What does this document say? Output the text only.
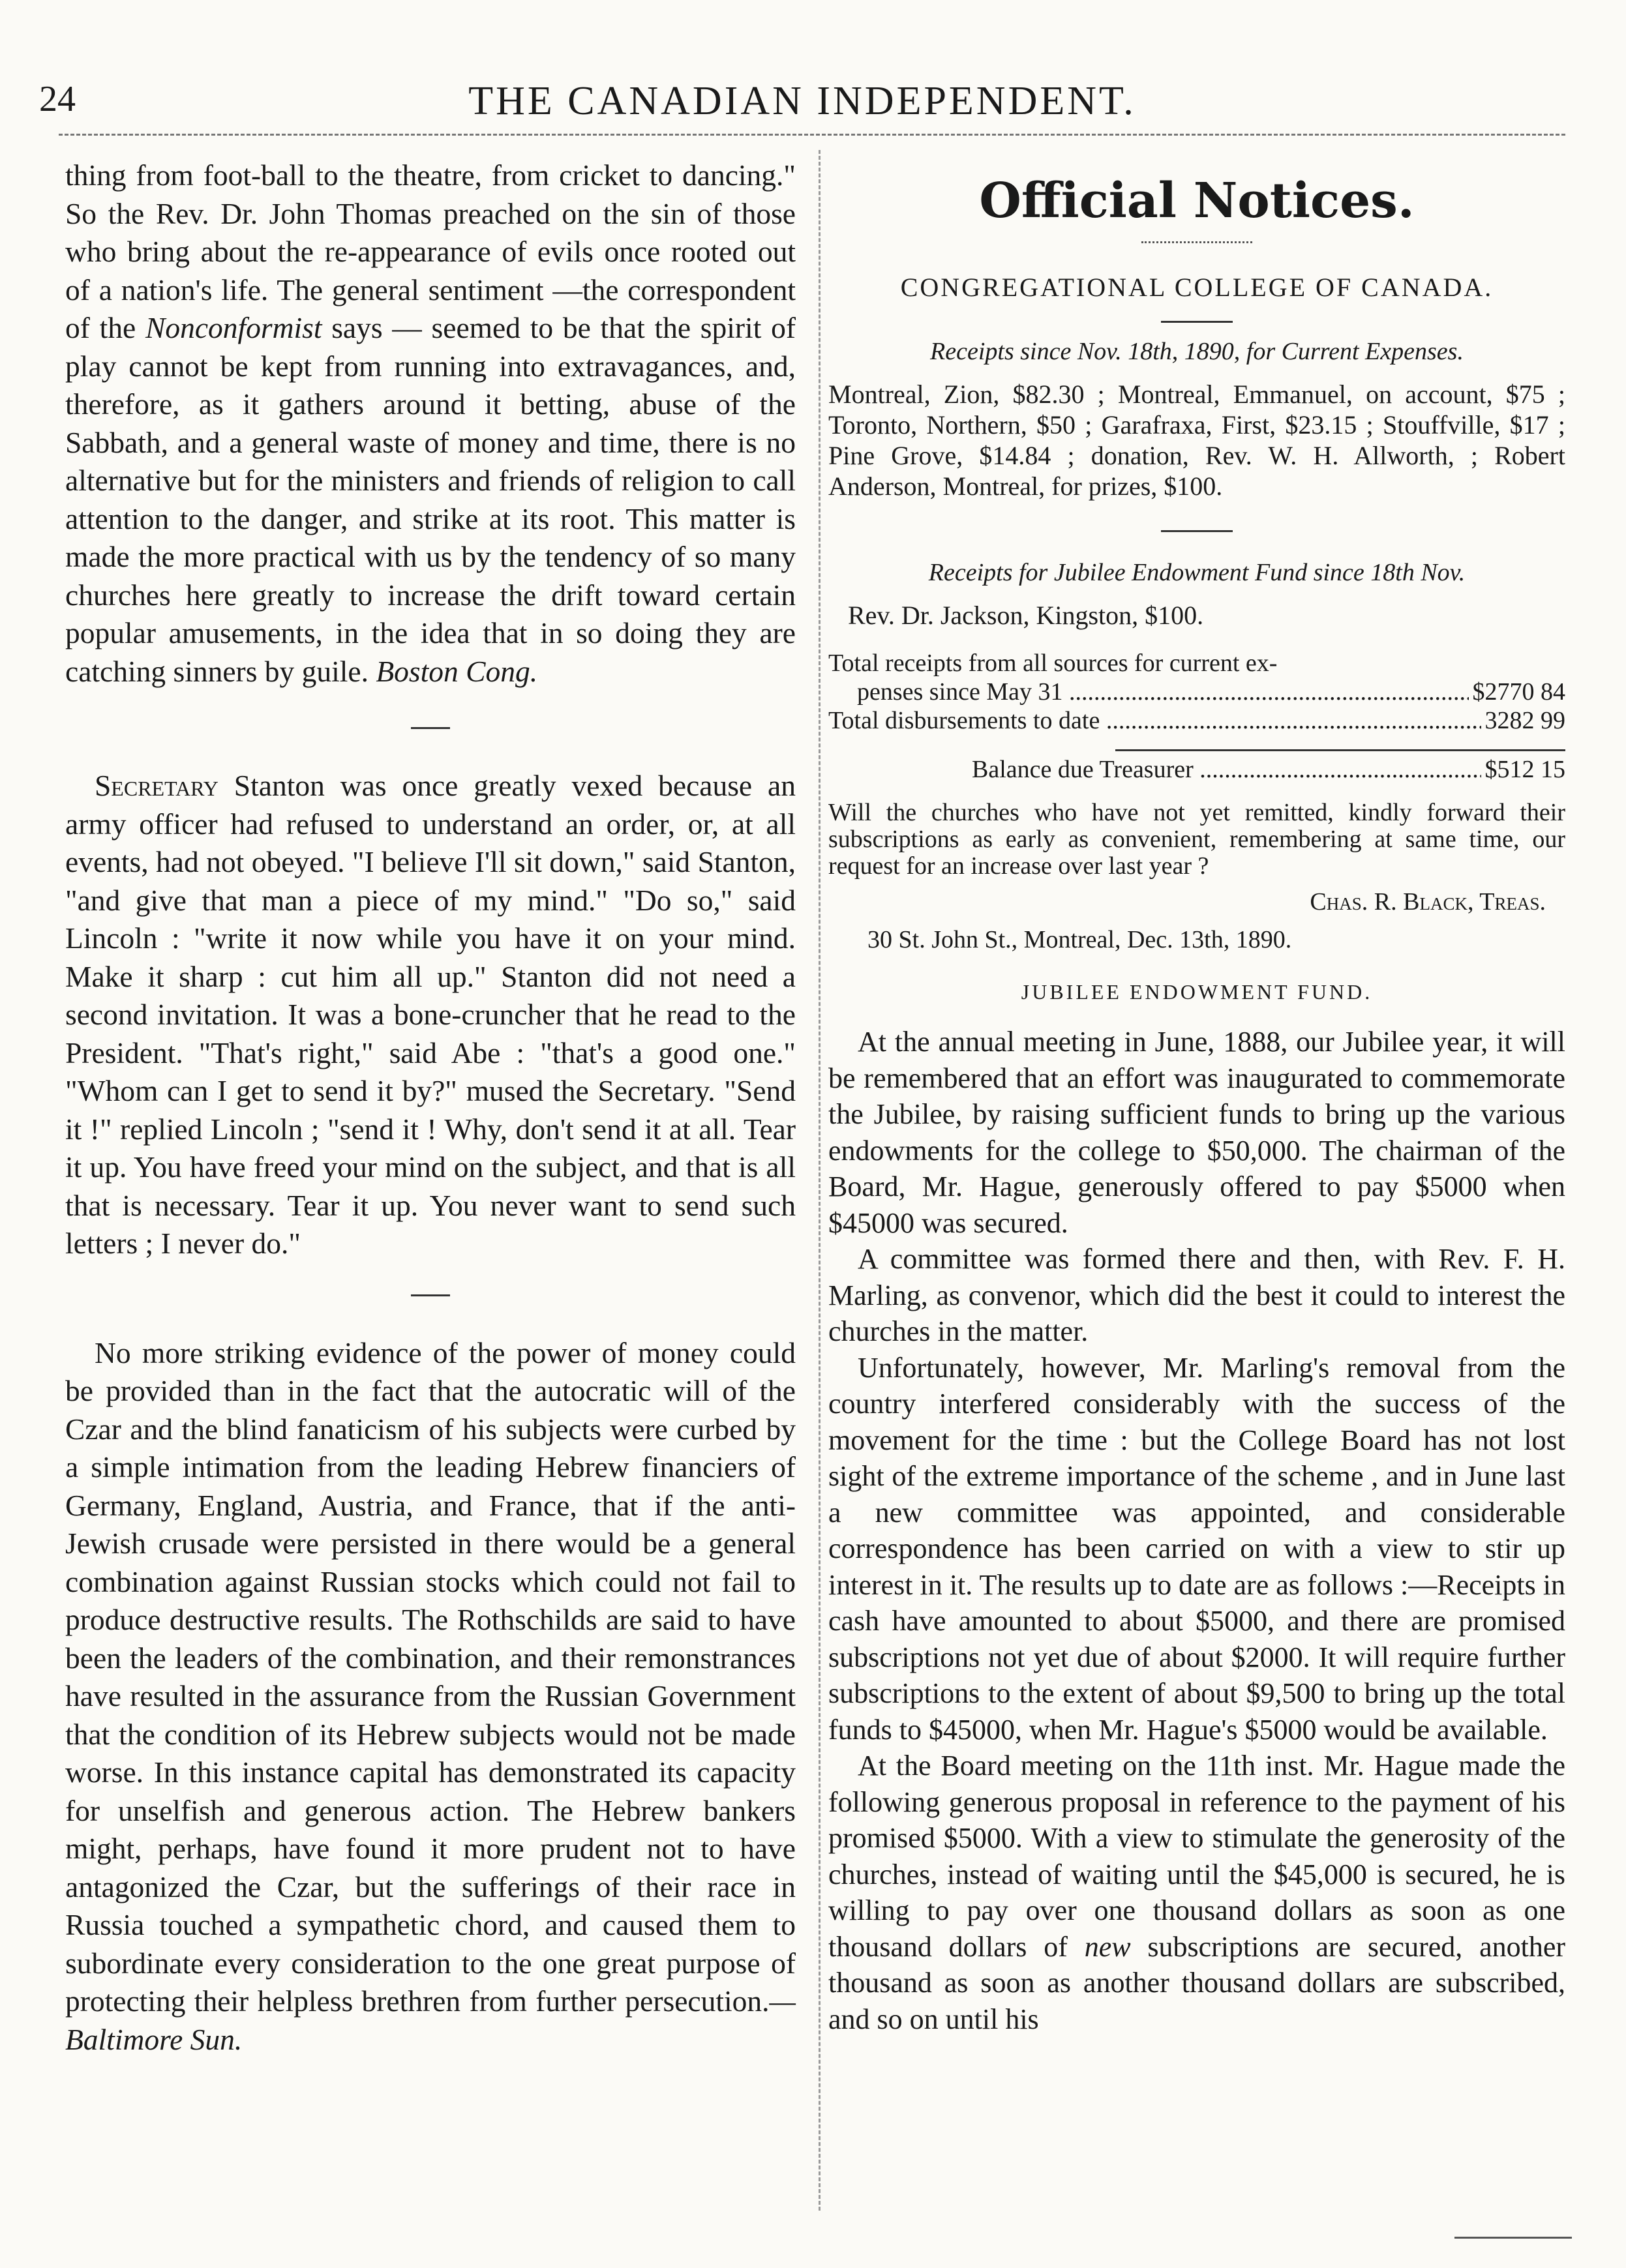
24	THE CANADIAN INDEPENDENT.

thing from foot-ball to the theatre, from cricket to dancing." So the Rev. Dr. John Thomas preached on the sin of those who bring about the re-appearance of evils once rooted out of a nation's life. The general sentiment —the correspondent of the Nonconformist says — seemed to be that the spirit of play cannot be kept from running into extravagances, and, therefore, as it gathers around it betting, abuse of the Sabbath, and a general waste of money and time, there is no alternative but for the ministers and friends of religion to call attention to the danger, and strike at its root. This matter is made the more practical with us by the tendency of so many churches here greatly to increase the drift toward certain popular amusements, in the idea that in so doing they are catching sinners by guile. Boston Cong.

Secretary Stanton was once greatly vexed because an army officer had refused to understand an order, or, at all events, had not obeyed. "I believe I'll sit down," said Stanton, "and give that man a piece of my mind." "Do so," said Lincoln : "write it now while you have it on your mind. Make it sharp : cut him all up." Stanton did not need a second invitation. It was a bone-cruncher that he read to the President. "That's right," said Abe : "that's a good one." "Whom can I get to send it by?" mused the Secretary. "Send it !" replied Lincoln ; "send it ! Why, don't send it at all. Tear it up. You have freed your mind on the subject, and that is all that is necessary. Tear it up. You never want to send such letters ; I never do."

No more striking evidence of the power of money could be provided than in the fact that the autocratic will of the Czar and the blind fanaticism of his subjects were curbed by a simple intimation from the leading Hebrew financiers of Germany, England, Austria, and France, that if the anti-Jewish crusade were persisted in there would be a general combination against Russian stocks which could not fail to produce destructive results. The Rothschilds are said to have been the leaders of the combination, and their remonstrances have resulted in the assurance from the Russian Government that the condition of its Hebrew subjects would not be made worse. In this instance capital has demonstrated its capacity for unselfish and generous action. The Hebrew bankers might, perhaps, have found it more prudent not to have antagonized the Czar, but the sufferings of their race in Russia touched a sympathetic chord, and caused them to subordinate every consideration to the one great purpose of protecting their helpless brethren from further persecution.—Baltimore Sun.

Official Notices.
CONGREGATIONAL COLLEGE OF CANADA.
Receipts since Nov. 18th, 1890, for Current Expenses.
Montreal, Zion, $82.30 ; Montreal, Emmanuel, on account, $75 ; Toronto, Northern, $50 ; Garafraxa, First, $23.15 ; Stouffville, $17 ; Pine Grove, $14.84 ; donation, Rev. W. H. Allworth, ; Robert Anderson, Montreal, for prizes, $100.
Receipts for Jubilee Endowment Fund since 18th Nov.
Rev. Dr. Jackson, Kingston, $100.
Total receipts from all sources for current ex-
penses since May 31 .....	$2770 84
Total disbursements to date .....	3282 99
Balance due Treasurer .....	$512 15
Will the churches who have not yet remitted, kindly forward their subscriptions as early as convenient, remembering at same time, our request for an increase over last year ?
Chas. R. Black, Treas.
30 St. John St., Montreal, Dec. 13th, 1890.
JUBILEE ENDOWMENT FUND.

At the annual meeting in June, 1888, our Jubilee year, it will be remembered that an effort was inaugurated to commemorate the Jubilee, by raising sufficient funds to bring up the various endowments for the college to $50,000. The chairman of the Board, Mr. Hague, generously offered to pay $5000 when $45000 was secured.

A committee was formed there and then, with Rev. F. H. Marling, as convenor, which did the best it could to interest the churches in the matter.

Unfortunately, however, Mr. Marling's removal from the country interfered considerably with the success of the movement for the time : but the College Board has not lost sight of the extreme importance of the scheme , and in June last a new committee was appointed, and considerable correspondence has been carried on with a view to stir up interest in it. The results up to date are as follows :—Receipts in cash have amounted to about $5000, and there are promised subscriptions not yet due of about $2000. It will require further subscriptions to the extent of about $9,500 to bring up the total funds to $45000, when Mr. Hague's $5000 would be available.

At the Board meeting on the 11th inst. Mr. Hague made the following generous proposal in reference to the payment of his promised $5000. With a view to stimulate the generosity of the churches, instead of waiting until the $45,000 is secured, he is willing to pay over one thousand dollars as soon as one thousand dollars of new subscriptions are secured, another thousand as soon as another thousand dollars are subscribed, and so on until his
